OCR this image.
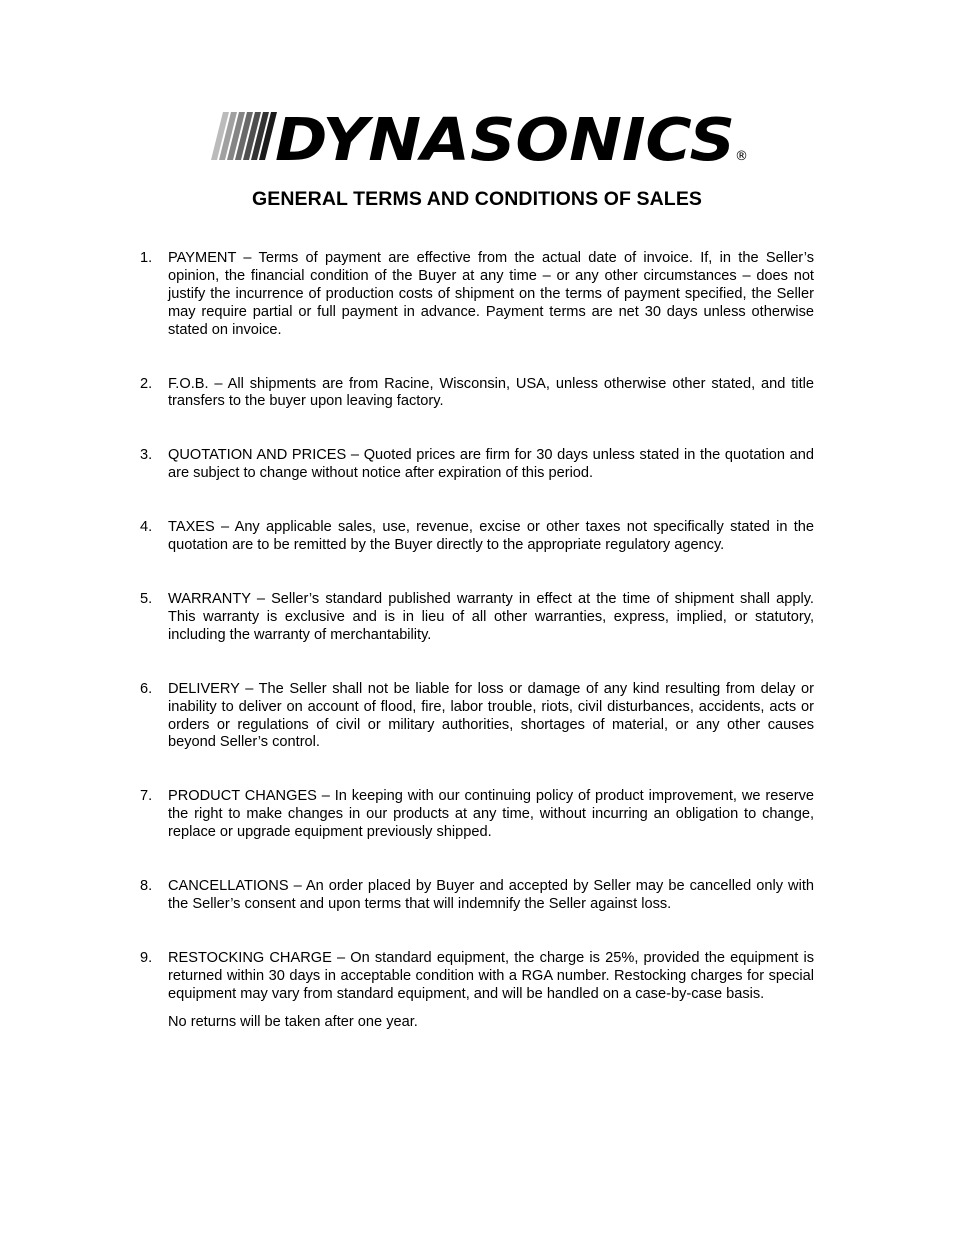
DYNASONICS ®
GENERAL TERMS AND CONDITIONS OF SALES
1.	PAYMENT – Terms of payment are effective from the actual date of invoice. If, in the Seller’s opinion, the financial condition of the Buyer at any time – or any other circumstances – does not justify the incurrence of production costs of shipment on the terms of payment specified, the Seller may require partial or full payment in advance. Payment terms are net 30 days unless otherwise stated on invoice.
2.	F.O.B. – All shipments are from Racine, Wisconsin, USA, unless otherwise other stated, and title transfers to the buyer upon leaving factory.
3.	QUOTATION AND PRICES – Quoted prices are firm for 30 days unless stated in the quotation and are subject to change without notice after expiration of this period.
4.	TAXES – Any applicable sales, use, revenue, excise or other taxes not specifically stated in the quotation are to be remitted by the Buyer directly to the appropriate regulatory agency.
5.	WARRANTY – Seller’s standard published warranty in effect at the time of shipment shall apply. This warranty is exclusive and is in lieu of all other warranties, express, implied, or statutory, including the warranty of merchantability.
6.	DELIVERY – The Seller shall not be liable for loss or damage of any kind resulting from delay or inability to deliver on account of flood, fire, labor trouble, riots, civil disturbances, accidents, acts or orders or regulations of civil or military authorities, shortages of material, or any other causes beyond Seller’s control.
7.	PRODUCT CHANGES – In keeping with our continuing policy of product improvement, we reserve the right to make changes in our products at any time, without incurring an obligation to change, replace or upgrade equipment previously shipped.
8.	CANCELLATIONS – An order placed by Buyer and accepted by Seller may be cancelled only with the Seller’s consent and upon terms that will indemnify the Seller against loss.
9.	RESTOCKING CHARGE – On standard equipment, the charge is 25%, provided the equipment is returned within 30 days in acceptable condition with a RGA number. Restocking charges for special equipment may vary from standard equipment, and will be handled on a case-by-case basis.
No returns will be taken after one year.
